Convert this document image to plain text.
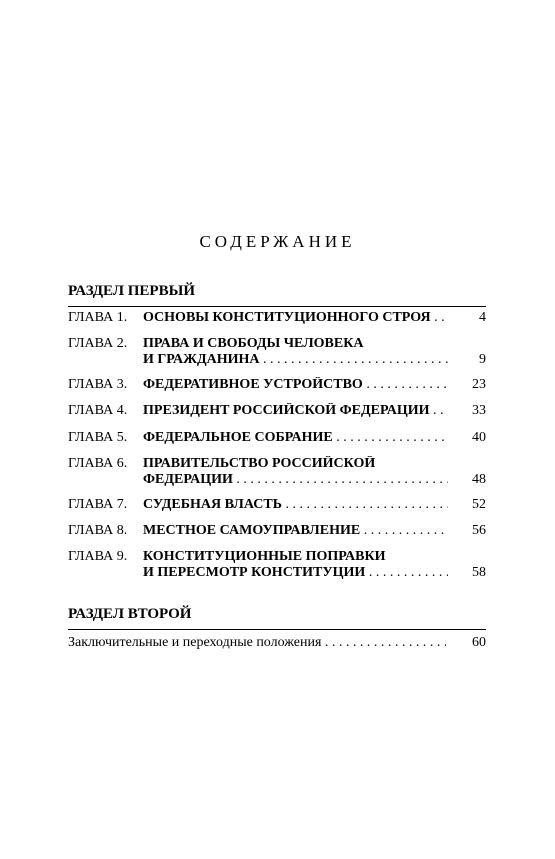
СОДЕРЖАНИЕ
РАЗДЕЛ ПЕРВЫЙ
ГЛАВА 1. ОСНОВЫ КОНСТИТУЦИОННОГО СТРОЯ . . .	4
ГЛАВА 2. ПРАВА И СВОБОДЫ ЧЕЛОВЕКА
И ГРАЖДАНИНА . . .	9
ГЛАВА 3. ФЕДЕРАТИВНОЕ УСТРОЙСТВО . . .	23
ГЛАВА 4. ПРЕЗИДЕНТ РОССИЙСКОЙ ФЕДЕРАЦИИ . . .	33
ГЛАВА 5. ФЕДЕРАЛЬНОЕ СОБРАНИЕ . . .	40
ГЛАВА 6. ПРАВИТЕЛЬСТВО РОССИЙСКОЙ
ФЕДЕРАЦИИ . . .	48
ГЛАВА 7. СУДЕБНАЯ ВЛАСТЬ . . .	52
ГЛАВА 8. МЕСТНОЕ САМОУПРАВЛЕНИЕ . . .	56
ГЛАВА 9. КОНСТИТУЦИОННЫЕ ПОПРАВКИ
И ПЕРЕСМОТР КОНСТИТУЦИИ . . .	58
РАЗДЕЛ ВТОРОЙ
Заключительные и переходные положения . . .	60
